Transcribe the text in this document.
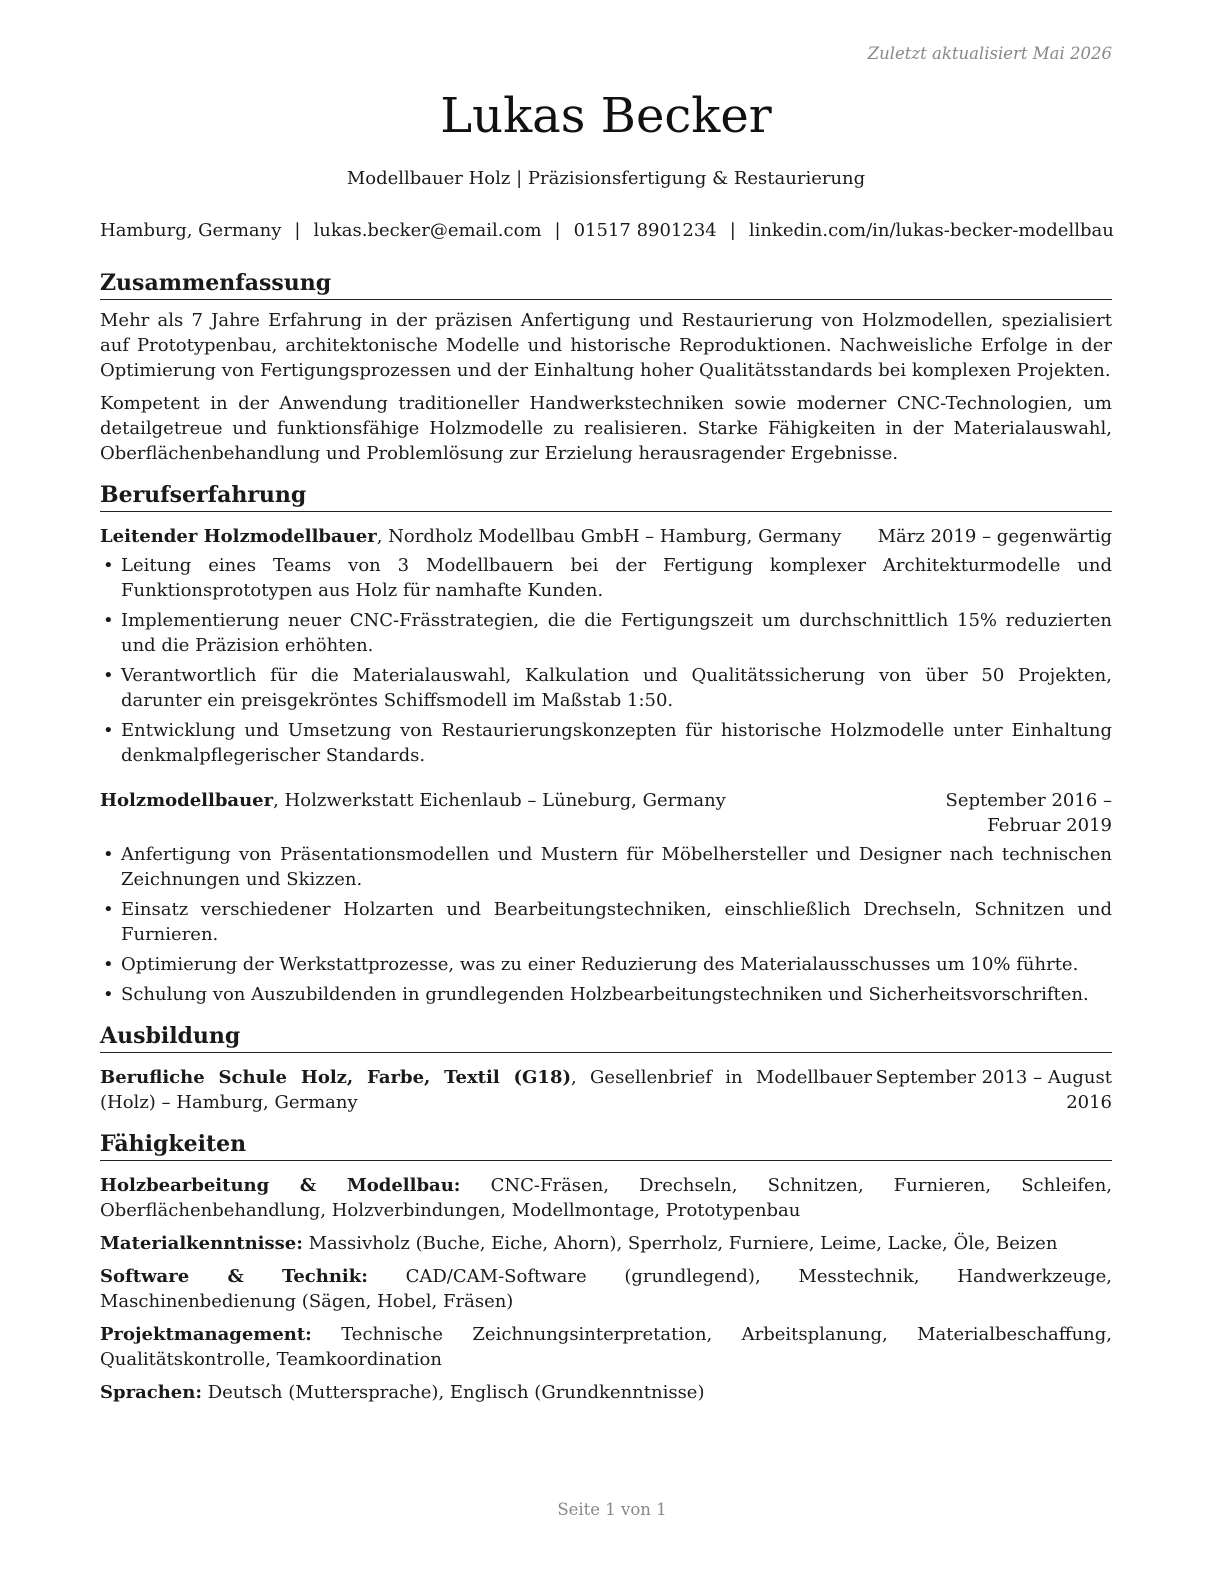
Zuletzt aktualisiert Mai 2026
Lukas Becker
Modellbauer Holz | Präzisionsfertigung & Restaurierung
Hamburg, Germany | lukas.becker@email.com | 01517 8901234 | linkedin.com/in/lukas-becker-modellbau
Zusammenfassung

Mehr als 7 Jahre Erfahrung in der präzisen Anfertigung und Restaurierung von Holzmodellen, spezialisiert auf Prototypenbau, architektonische Modelle und historische Reproduktionen. Nachweisliche Erfolge in der Optimierung von Fertigungsprozessen und der Einhaltung hoher Qualitätsstandards bei komplexen Projekten.

Kompetent in der Anwendung traditioneller Handwerkstechniken sowie moderner CNC-Technologien, um detailgetreue und funktionsfähige Holzmodelle zu realisieren. Starke Fähigkeiten in der Materialauswahl, Oberflächenbehandlung und Problemlösung zur Erzielung herausragender Ergebnisse.

Berufserfahrung
Leitender Holzmodellbauer, Nordholz Modellbau GmbH – Hamburg, Germany	März 2019 – gegenwärtig
• Leitung eines Teams von 3 Modellbauern bei der Fertigung komplexer Architekturmodelle und Funktionsprototypen aus Holz für namhafte Kunden.
• Implementierung neuer CNC-Frässtrategien, die die Fertigungszeit um durchschnittlich 15% reduzierten und die Präzision erhöhten.
• Verantwortlich für die Materialauswahl, Kalkulation und Qualitätssicherung von über 50 Projekten, darunter ein preisgekröntes Schiffsmodell im Maßstab 1:50.
• Entwicklung und Umsetzung von Restaurierungskonzepten für historische Holzmodelle unter Einhaltung denkmalpflegerischer Standards.
Holzmodellbauer, Holzwerkstatt Eichenlaub – Lüneburg, Germany	September 2016 – Februar 2019
• Anfertigung von Präsentationsmodellen und Mustern für Möbelhersteller und Designer nach technischen Zeichnungen und Skizzen.
• Einsatz verschiedener Holzarten und Bearbeitungstechniken, einschließlich Drechseln, Schnitzen und Furnieren.
• Optimierung der Werkstattprozesse, was zu einer Reduzierung des Materialausschusses um 10% führte.
• Schulung von Auszubildenden in grundlegenden Holzbearbeitungstechniken und Sicherheitsvorschriften.
Ausbildung
Berufliche Schule Holz, Farbe, Textil (G18), Gesellenbrief in Modellbauer (Holz) – Hamburg, Germany
September 2013 – August 2016
Fähigkeiten
Holzbearbeitung & Modellbau: CNC-Fräsen, Drechseln, Schnitzen, Furnieren, Schleifen, Oberflächenbehandlung, Holzverbindungen, Modellmontage, Prototypenbau
Materialkenntnisse: Massivholz (Buche, Eiche, Ahorn), Sperrholz, Furniere, Leime, Lacke, Öle, Beizen
Software & Technik: CAD/CAM-Software (grundlegend), Messtechnik, Handwerkzeuge, Maschinenbedienung (Sägen, Hobel, Fräsen)
Projektmanagement: Technische Zeichnungsinterpretation, Arbeitsplanung, Materialbeschaffung, Qualitätskontrolle, Teamkoordination
Sprachen: Deutsch (Muttersprache), Englisch (Grundkenntnisse)
Seite 1 von 1
